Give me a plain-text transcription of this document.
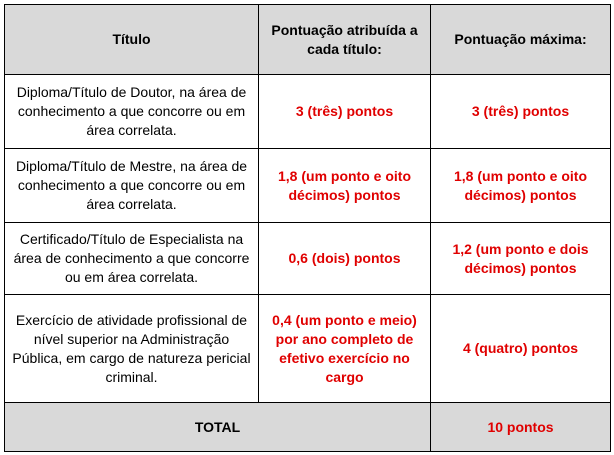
Título	Pontuação atribuída a cada título:	Pontuação máxima:
Diploma/Título de Doutor, na área de conhecimento a que concorre ou em área correlata.	3 (três) pontos	3 (três) pontos
Diploma/Título de Mestre, na área de conhecimento a que concorre ou em área correlata.	1,8 (um ponto e oito décimos) pontos	1,8 (um ponto e oito décimos) pontos
Certificado/Título de Especialista na área de conhecimento a que concorre ou em área correlata.	0,6 (dois) pontos	1,2 (um ponto e dois décimos) pontos
Exercício de atividade profissional de nível superior na Administração Pública, em cargo de natureza pericial criminal.	0,4 (um ponto e meio) por ano completo de efetivo exercício no cargo	4 (quatro) pontos
TOTAL		10 pontos
